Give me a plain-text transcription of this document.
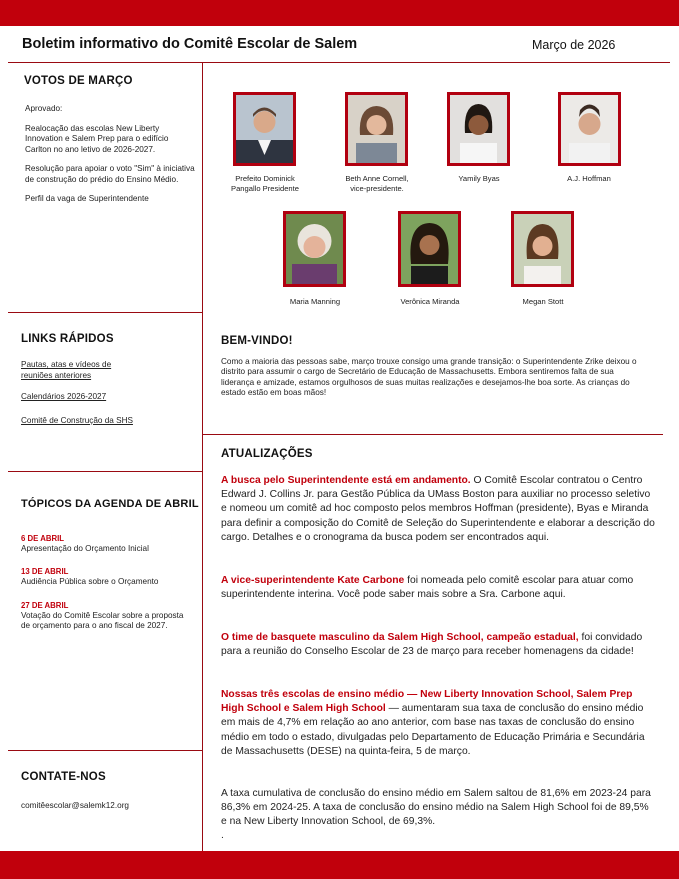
Boletim informativo do Comitê Escolar de Salem	Março de 2026
VOTOS DE MARÇO

Aprovado:

Realocação das escolas New Liberty Innovation e Salem Prep para o edifício Carlton no ano letivo de 2026-2027.

Resolução para apoiar o voto "Sim" à iniciativa de construção do prédio do Ensino Médio.

Perfil da vaga de Superintendente

LINKS RÁPIDOS
Pautas, atas e vídeos de reuniões anteriores
Calendários 2026-2027
Comitê de Construção da SHS
TÓPICOS DA AGENDA DE ABRIL
6 DE ABRIL
Apresentação do Orçamento Inicial
13 DE ABRIL
Audiência Pública sobre o Orçamento
27 DE ABRIL
Votação do Comitê Escolar sobre a proposta de orçamento para o ano fiscal de 2027.
CONTATE-NOS
comitêescolar@salemk12.org
Prefeito Dominick
Pangallo Presidente
Beth Anne Cornell,
vice-presidente.
Yamily Byas	A.J. Hoffman
Maria Manning	Verônica Miranda	Megan Stott
BEM-VINDO!
Como a maioria das pessoas sabe, março trouxe consigo uma grande transição: o Superintendente Zrike deixou o distrito para assumir o cargo de Secretário de Educação de Massachusetts. Embora sentiremos falta de sua liderança e amizade, estamos orgulhosos de suas muitas realizações e desejamos-lhe boa sorte. As crianças do estado estão em boas mãos!
ATUALIZAÇÕES
A busca pelo Superintendente está em andamento. O Comitê Escolar contratou o Centro Edward J. Collins Jr. para Gestão Pública da UMass Boston para auxiliar no processo seletivo e nomeou um comitê ad hoc composto pelos membros Hoffman (presidente), Byas e Miranda para definir a composição do Comitê de Seleção do Superintendente e elaborar a descrição do cargo. Detalhes e o cronograma da busca podem ser encontrados aqui.
A vice-superintendente Kate Carbone foi nomeada pelo comitê escolar para atuar como superintendente interina. Você pode saber mais sobre a Sra. Carbone aqui.
O time de basquete masculino da Salem High School, campeão estadual, foi convidado para a reunião do Conselho Escolar de 23 de março para receber homenagens da cidade!
Nossas três escolas de ensino médio — New Liberty Innovation School, Salem Prep High School e Salem High School — aumentaram sua taxa de conclusão do ensino médio em mais de 4,7% em relação ao ano anterior, com base nas taxas de conclusão do ensino médio em todo o estado, divulgadas pelo Departamento de Educação Primária e Secundária de Massachusetts (DESE) na quinta-feira, 5 de março.
A taxa cumulativa de conclusão do ensino médio em Salem saltou de 81,6% em 2023-24 para 86,3% em 2024-25. A taxa de conclusão do ensino médio na Salem High School foi de 89,5% e na New Liberty Innovation School, de 69,3%.
.
